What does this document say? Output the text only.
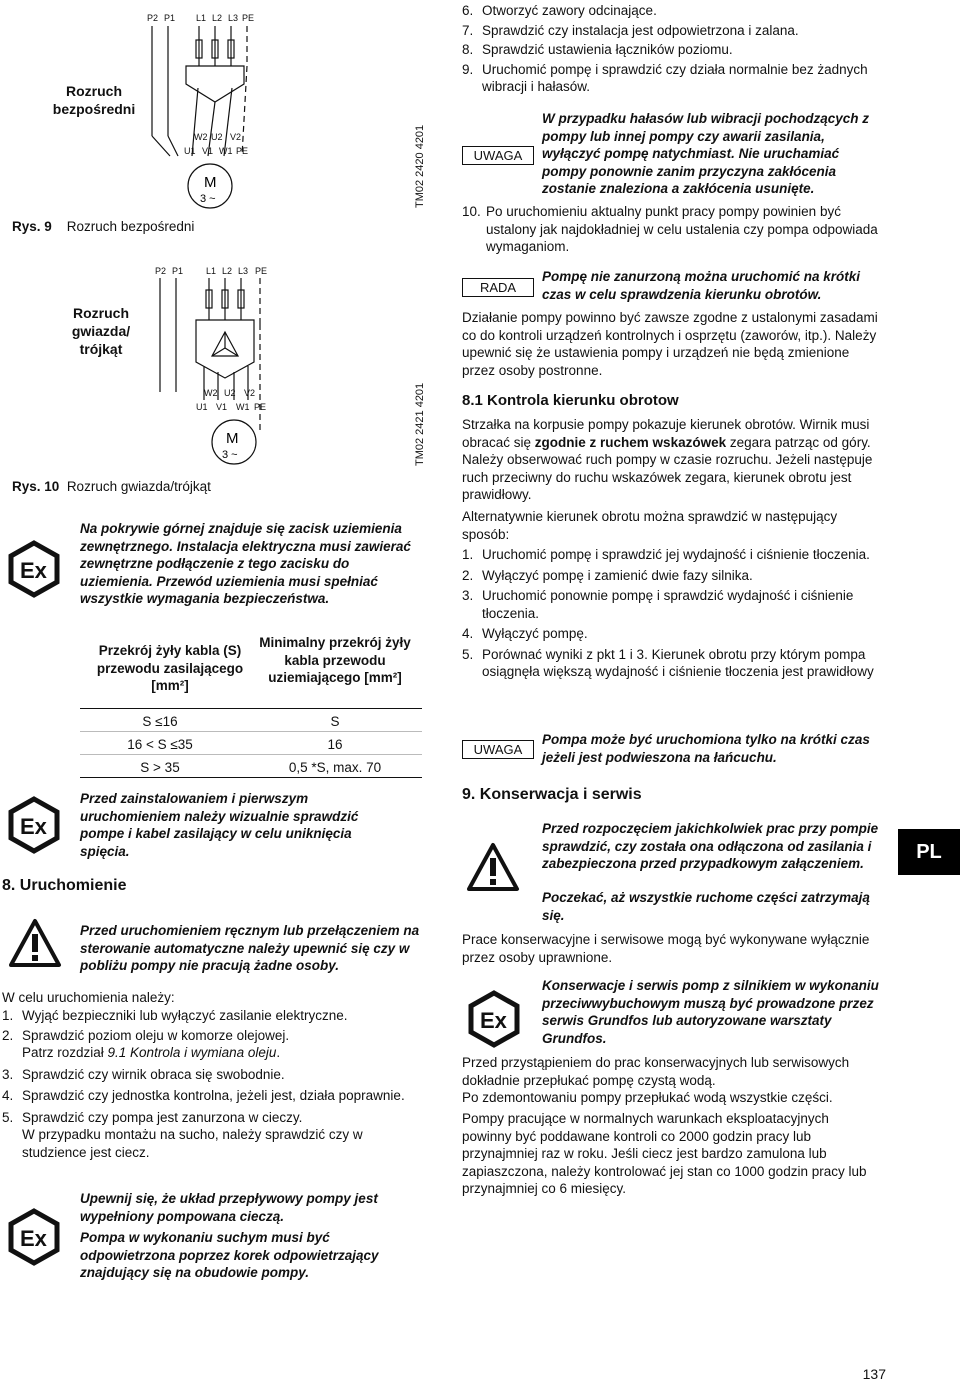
Rozruch
bezpośredni
Rys. 9 Rozruch bezpośredni
TM02 2420 4201
P2 P1 L1 L2 L3 PE
W2 U2 V2
U1 V1 W1 PE
M
3 ~
Rozruch
gwiazda/
trójkąt
Rys. 10 Rozruch gwiazda/trójkąt
TM02 2421 4201
P2 P1	L1 L2 L3 PE
W2 U2 V2
U1 V1 W1 PE
M
3 ~
Ex
Na pokrywie górnej znajduje się zacisk uziemienia zewnętrznego. Instalacja elektryczna musi zawierać zewnętrzne podłączenie z tego zacisku do uziemienia. Przewód uziemienia musi spełniać wszystkie wymagania bezpieczeństwa.
Przekrój żyły kabla (S) przewodu zasilającego [mm²]
Minimalny przekrój żyły kabla przewodu uziemiającego [mm²]
S ≤16	S
16 < S ≤35	16
S > 35	0,5 *S, max. 70
Ex
Przed zainstalowaniem i pierwszym uruchomieniem należy wizualnie sprawdzić pompe i kabel zasilający w celu uniknięcia spięcia.
8. Uruchomienie
Przed uruchomieniem ręcznym lub przełączeniem na sterowanie automatyczne należy upewnić się czy w pobliżu pompy nie pracują żadne osoby.
W celu uruchomienia należy:
1. Wyjąć bezpieczniki lub wyłączyć zasilanie elektryczne.
2. Sprawdzić poziom oleju w komorze olejowej.
Patrz rozdział 9.1 Kontrola i wymiana oleju.
3. Sprawdzić czy wirnik obraca się swobodnie.
4. Sprawdzić czy jednostka kontrolna, jeżeli jest, działa poprawnie.
5. Sprawdzić czy pompa jest zanurzona w cieczy.
W przypadku montażu na sucho, należy sprawdzić czy w studzience jest ciecz.
Ex
Upewnij się, że układ przepływowy pompy jest wypełniony pompowana cieczą.
Pompa w wykonaniu suchym musi być odpowietrzona poprzez korek odpowietrzający znajdujący się na obudowie pompy.
6. Otworzyć zawory odcinające.
7. Sprawdzić czy instalacja jest odpowietrzona i zalana.
8. Sprawdzić ustawienia łączników poziomu.
9. Uruchomić pompę i sprawdzić czy działa normalnie bez żadnych wibracji i hałasów.
UWAGA
W przypadku hałasów lub wibracji pochodzących z pompy lub innej pompy czy awarii zasilania, wyłączyć pompę natychmiast. Nie uruchamiać pompy ponownie zanim przyczyna zakłócenia zostanie znaleziona a zakłócenia usunięte.
10. Po uruchomieniu aktualny punkt pracy pompy powinien być ustalony jak najdokładniej w celu ustalenia czy pompa odpowiada wymaganiom.
RADA
Pompę nie zanurzoną można uruchomić na krótki czas w celu sprawdzenia kierunku obrotów.
Działanie pompy powinno być zawsze zgodne z ustalonymi zasadami co do kontroli urządzeń kontrolnych i osprzętu (zaworów, itp.). Należy upewnić się że ustawienia pompy i urządzeń nie będą zmienione przez osoby postronne.
8.1 Kontrola kierunku obrotow
Strzałka na korpusie pompy pokazuje kierunek obrotów. Wirnik musi obracać się zgodnie z ruchem wskazówek zegara patrząc od góry. Należy obserwować ruch pompy w czasie rozruchu. Jeżeli następuje ruch przeciwny do ruchu wskazówek zegara, kierunek obrotu jest prawidłowy.
Alternatywnie kierunek obrotu można sprawdzić w następujący sposób:
1. Uruchomić pompę i sprawdzić jej wydajność i ciśnienie tłoczenia.
2. Wyłączyć pompę i zamienić dwie fazy silnika.
3. Uruchomić ponownie pompę i sprawdzić wydajność i ciśnienie tłoczenia.
4. Wyłączyć pompę.
5. Porównać wyniki z pkt 1 i 3. Kierunek obrotu przy którym pompa osiągnęła większą wydajność i ciśnienie tłoczenia jest prawidłowy
UWAGA
Pompa może być uruchomiona tylko na krótki czas jeżeli jest podwieszona na łańcuchu.
9. Konserwacja i serwis
Przed rozpoczęciem jakichkolwiek prac przy pompie sprawdzić, czy została ona odłączona od zasilania i zabezpieczona przed przypadkowym załączeniem.
Poczekać, aż wszystkie ruchome części zatrzymają się.
Prace konserwacyjne i serwisowe mogą być wykonywane wyłącznie przez osoby uprawnione.
Ex
Konserwacje i serwis pomp z silnikiem w wykonaniu przeciwwybuchowym muszą być prowadzone przez serwis Grundfos lub autoryzowane warsztaty Grundfos.
Przed przystąpieniem do prac konserwacyjnych lub serwisowych dokładnie przepłukać pompę czystą wodą.
Po zdemontowaniu pompy przepłukać wodą wszystkie części.
Pompy pracujące w normalnych warunkach eksploatacyjnych powinny być poddawane kontroli co 2000 godzin pracy lub przynajmniej raz w roku. Jeśli ciecz jest bardzo zamulona lub zapiaszczona, należy kontrolować jej stan co 1000 godzin pracy lub przynajmniej co 6 miesięcy.
PL
137
